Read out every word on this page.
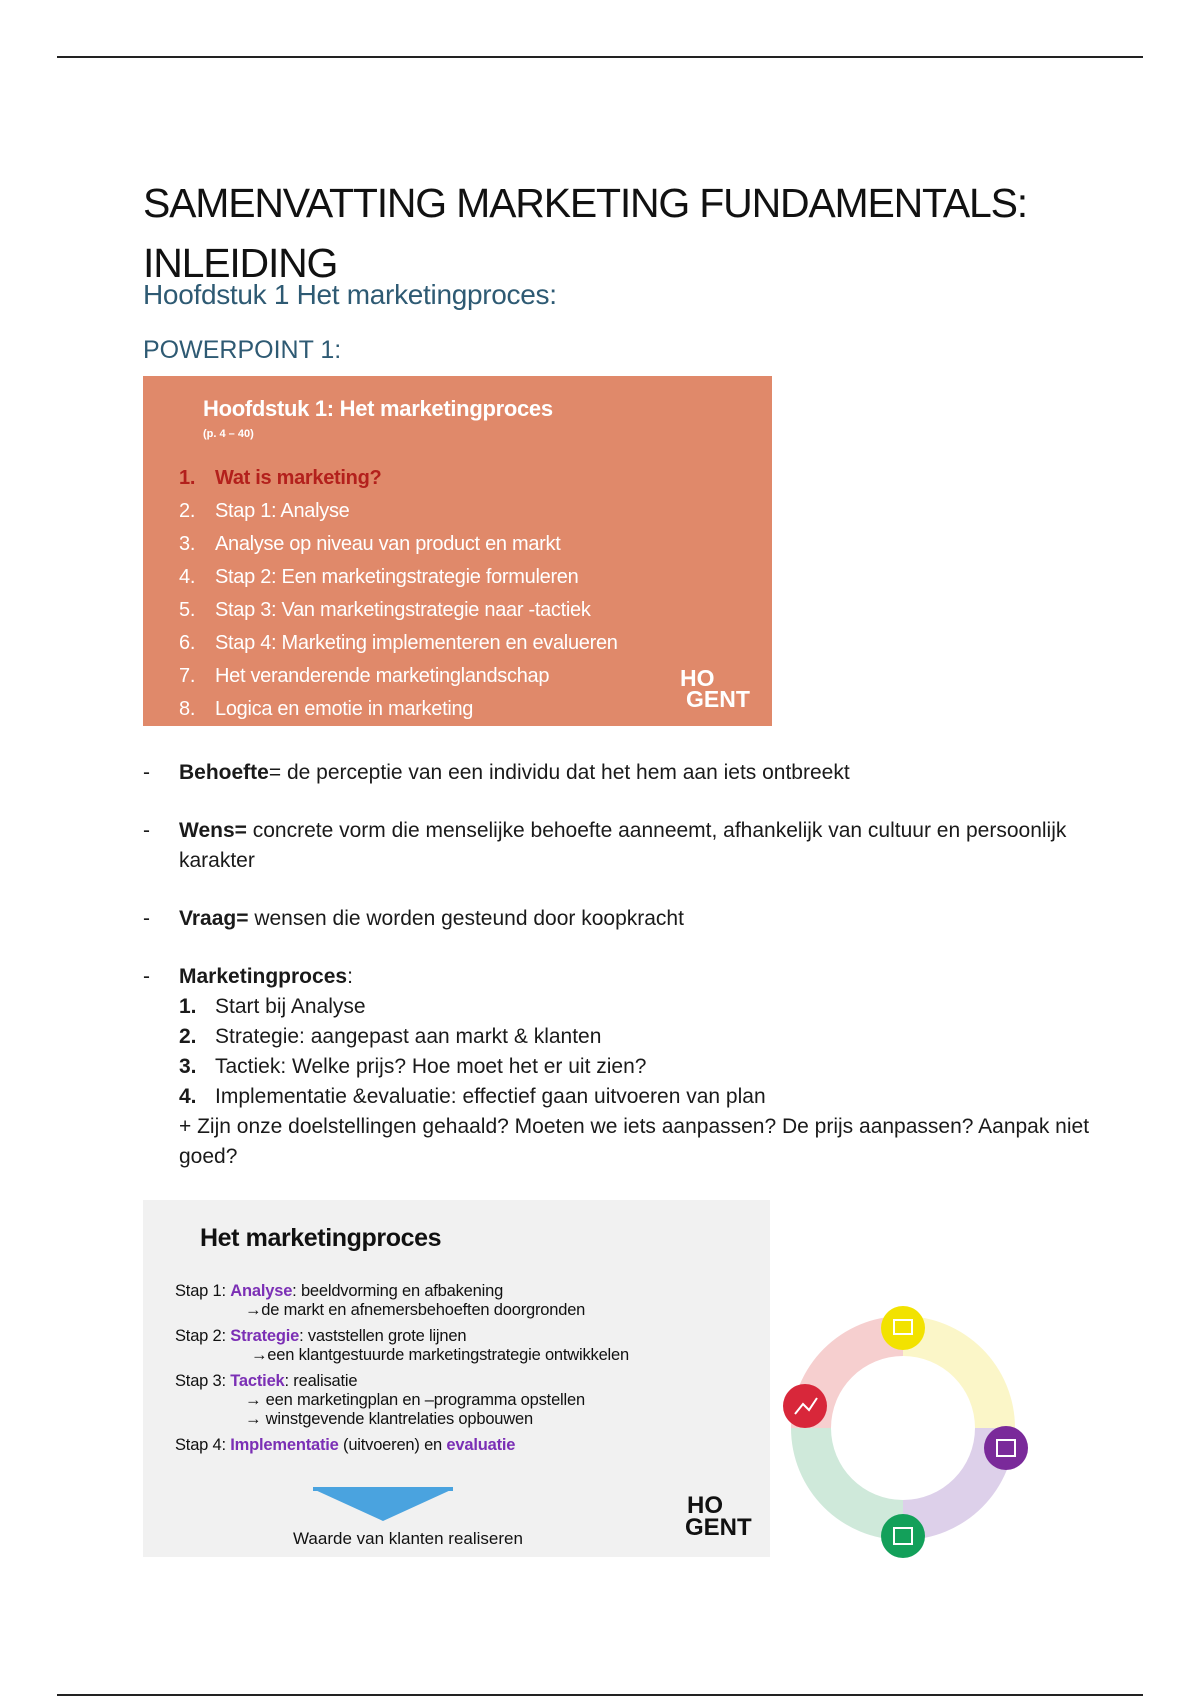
SAMENVATTING MARKETING FUNDAMENTALS: INLEIDING
Hoofdstuk 1 Het marketingproces:
POWERPOINT 1:
Hoofdstuk 1: Het marketingproces
(p. 4 – 40)
1. Wat is marketing?
2. Stap 1: Analyse
3. Analyse op niveau van product en markt
4. Stap 2: Een marketingstrategie formuleren
5. Stap 3: Van marketingstrategie naar -tactiek
6. Stap 4: Marketing implementeren en evalueren
7. Het veranderende marketinglandschap
8. Logica en emotie in marketing
HO
GENT
- Behoefte= de perceptie van een individu dat het hem aan iets ontbreekt
- Wens= concrete vorm die menselijke behoefte aanneemt, afhankelijk van cultuur en persoonlijk karakter
- Vraag= wensen die worden gesteund door koopkracht
- Marketingproces:
1. Start bij Analyse
2. Strategie: aangepast aan markt & klanten
3. Tactiek: Welke prijs? Hoe moet het er uit zien?
4. Implementatie &evaluatie: effectief gaan uitvoeren van plan
+ Zijn onze doelstellingen gehaald? Moeten we iets aanpassen? De prijs aanpassen? Aanpak niet goed?
Het marketingproces
Stap 1: Analyse: beeldvorming en afbakening
→de markt en afnemersbehoeften doorgronden
Stap 2: Strategie: vaststellen grote lijnen
→een klantgestuurde marketingstrategie ontwikkelen
Stap 3: Tactiek: realisatie
→ een marketingplan en –programma opstellen
→ winstgevende klantrelaties opbouwen
Stap 4: Implementatie (uitvoeren) en evaluatie
Waarde van klanten realiseren
HO
GENT
